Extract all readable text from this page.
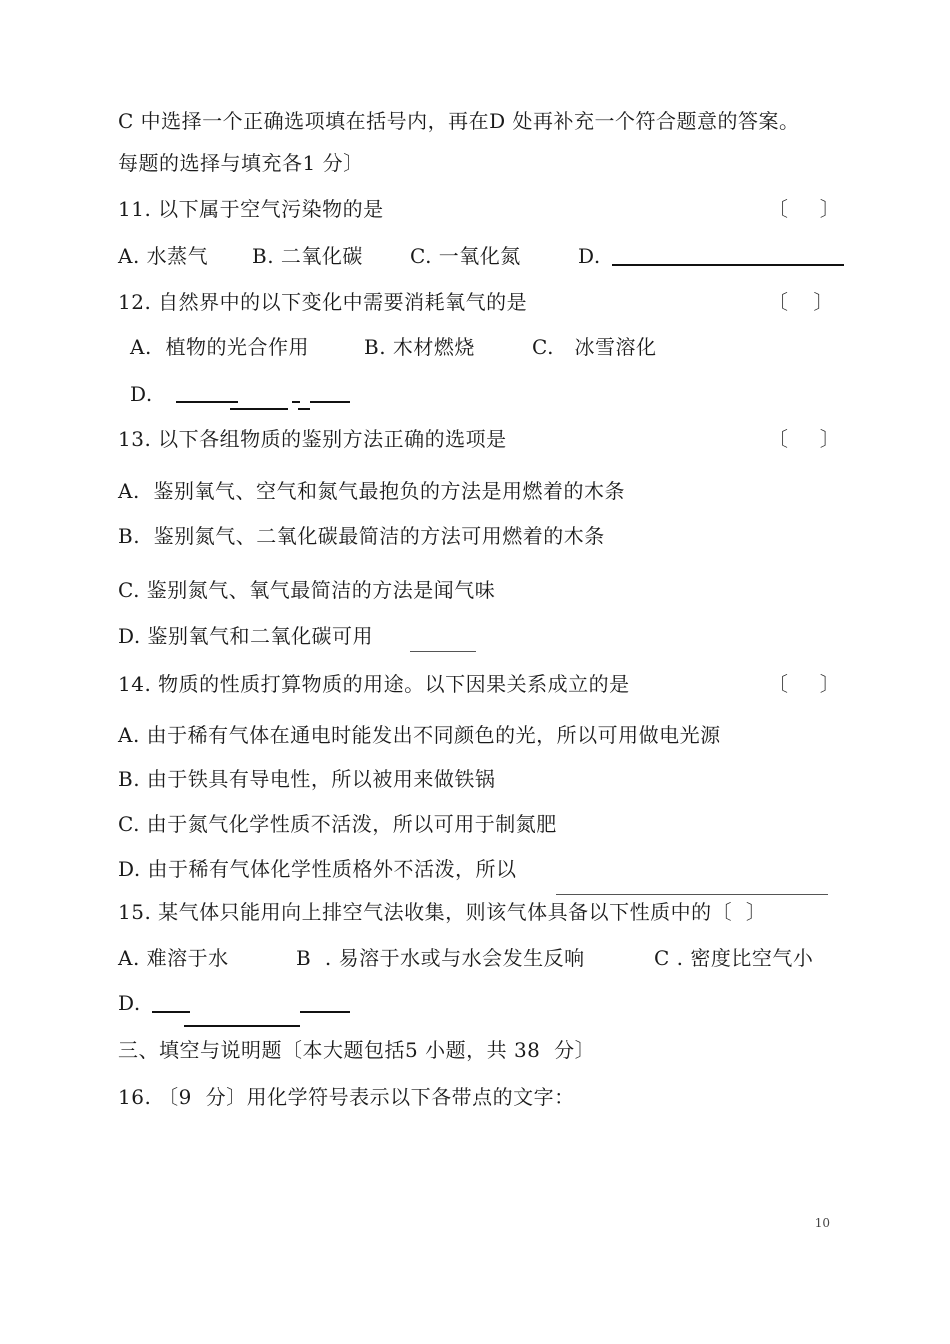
C 中选择一个正确选项填在括号内，再在D 处再补充一个符合题意的答案。
每题的选择与填充各1 分〕
11. 以下属于空气污染物的是	〔     〕
A. 水蒸气 B. 二氧化碳 C. 一氧化氮	D.
12. 自然界中的以下变化中需要消耗氧气的是	〔    〕
A.  植物的光合作用	B. 木材燃烧	C.   冰雪溶化
D.
13. 以下各组物质的鉴别方法正确的选项是	〔     〕
A.  鉴别氧气、空气和氮气最抱负的方法是用燃着的木条
B.  鉴别氮气、二氧化碳最简洁的方法可用燃着的木条
C. 鉴别氮气、氧气最简洁的方法是闻气味
D. 鉴别氧气和二氧化碳可用
14. 物质的性质打算物质的用途。以下因果关系成立的是	〔     〕
A. 由于稀有气体在通电时能发出不同颜色的光，所以可用做电光源
B. 由于铁具有导电性，所以被用来做铁锅
C. 由于氮气化学性质不活泼，所以可用于制氮肥
D. 由于稀有气体化学性质格外不活泼，所以
15. 某气体只能用向上排空气法收集，则该气体具备以下性质中的〔  〕
A. 难溶于水	B  . 易溶于水或与水会发生反响	C . 密度比空气小
D.
三、填空与说明题〔本大题包括5 小题，共 38  分〕
16. 〔9  分〕用化学符号表示以下各带点的文字：
10
